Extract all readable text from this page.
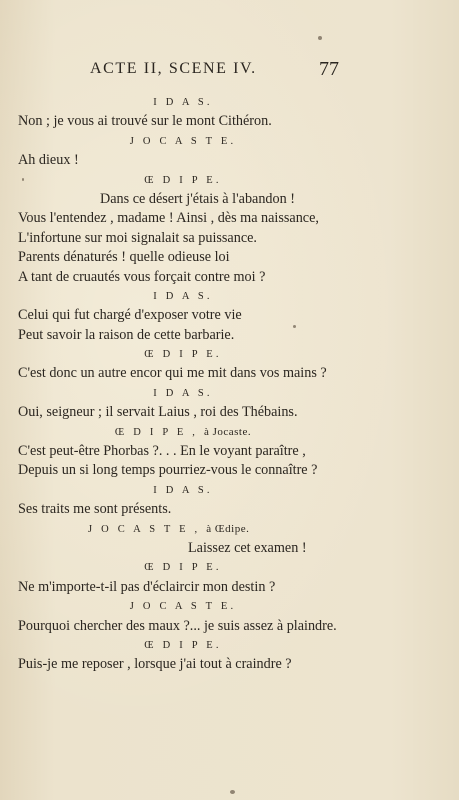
ACTE II, SCENE IV.	77
I D A S.
Non ; je vous ai trouvé sur le mont Cithéron.
J O C A S T E.
Ah dieux !
Œ D I P E.
Dans ce désert j'étais à l'abandon !
Vous l'entendez , madame ! Ainsi , dès ma naissance,
L'infortune sur moi signalait sa puissance.
Parents dénaturés ! quelle odieuse loi
A tant de cruautés vous forçait contre moi ?
I D A S.
Celui qui fut chargé d'exposer votre vie
Peut savoir la raison de cette barbarie.
Œ D I P E.
C'est donc un autre encor qui me mit dans vos mains ?
I D A S.
Oui, seigneur ; il servait Laius , roi des Thébains.
Œ D I P E , à Jocaste.
C'est peut-être Phorbas ?. . . En le voyant paraître ,
Depuis un si long temps pourriez-vous le connaître ?
I D A S.
Ses traits me sont présents.
J O C A S T E , à Œdipe.
Laissez cet examen !
Œ D I P E.
Ne m'importe-t-il pas d'éclaircir mon destin ?
J O C A S T E.
Pourquoi chercher des maux ?... je suis assez à plaindre.
Œ D I P E.
Puis-je me reposer , lorsque j'ai tout à craindre ?
